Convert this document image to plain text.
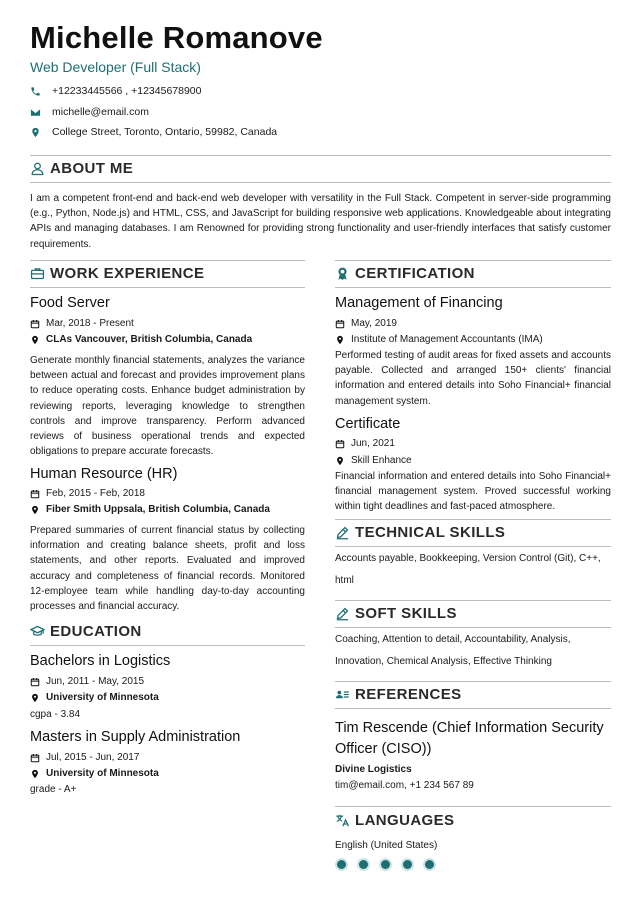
Michelle Romanove
Web Developer (Full Stack)
+12233445566 , +12345678900
michelle@email.com
College Street, Toronto, Ontario, 59982, Canada
ABOUT ME
I am a competent front-end and back-end web developer with versatility in the Full Stack. Competent in server-side programming (e.g., Python, Node.js) and HTML, CSS, and JavaScript for building responsive web applications. Knowledgeable about integrating APIs and managing databases. I am Renowned for providing strong functionality and user-friendly interfaces that satisfy customer requirements.
WORK EXPERIENCE
Food Server
Mar, 2018 - Present
CLAs Vancouver, British Columbia, Canada
Generate monthly financial statements, analyzes the variance between actual and forecast and provides improvement plans to reduce operating costs. Enhance budget administration by reviewing reports, leveraging knowledge to strengthen controls and improve transparency. Perform advanced reviews of business operational trends and expected obligations to prepare accurate forecasts.
Human Resource (HR)
Feb, 2015 - Feb, 2018
Fiber Smith Uppsala, British Columbia, Canada
Prepared summaries of current financial status by collecting information and creating balance sheets, profit and loss statements, and other reports. Evaluated and improved accuracy and completeness of financial records. Monitored 12-employee team while handling day-to-day accounting processes and financial accuracy.
EDUCATION
Bachelors in Logistics
Jun, 2011 - May, 2015
University of Minnesota
cgpa - 3.84
Masters in Supply Administration
Jul, 2015 - Jun, 2017
University of Minnesota
grade - A+
CERTIFICATION
Management of Financing
May, 2019
Institute of Management Accountants (IMA)
Performed testing of audit areas for fixed assets and accounts payable. Collected and arranged 150+ clients' financial information and entered details into Soho Financial+ financial management system.
Certificate
Jun, 2021
Skill Enhance
Financial information and entered details into Soho Financial+ financial management system. Proved successful working within tight deadlines and fast-paced atmosphere.
TECHNICAL SKILLS
Accounts payable, Bookkeeping, Version Control (Git), C++,
html
SOFT SKILLS
Coaching, Attention to detail, Accountability, Analysis,
Innovation, Chemical Analysis, Effective Thinking
REFERENCES
Tim Rescende (Chief Information Security
Officer (CISO))
Divine Logistics
tim@email.com, +1 234 567 89
LANGUAGES
English (United States)
